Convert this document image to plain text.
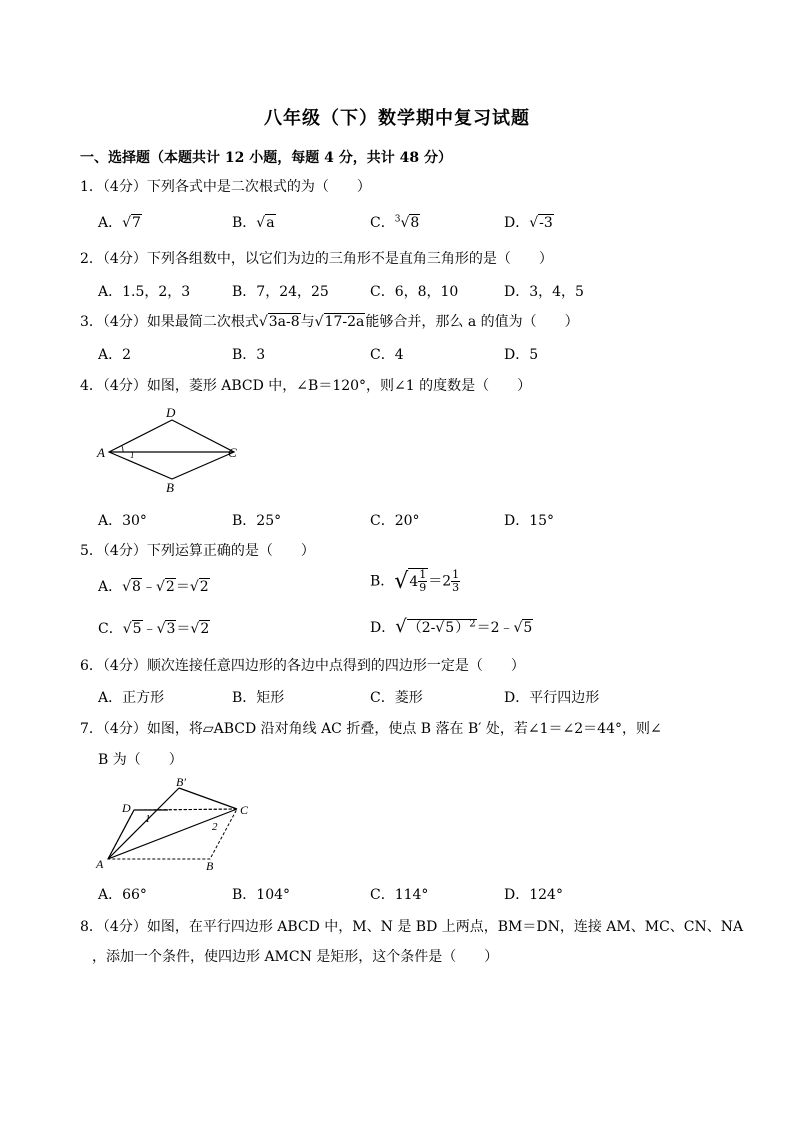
八年级（下）数学期中复习试题
一、选择题（本题共计 12 小题，每题 4 分，共计 48 分）
1．（4分）下列各式中是二次根式的为（　　）
A．√7	B．√a	C．$^3$√8	D．√-3
2．（4分）下列各组数中，以它们为边的三角形不是直角三角形的是（　　）
A．1.5，2，3	B．7，24，25	C．6，8，10	D．3，4，5
3．（4分）如果最简二次根式√3a-8与√17-2a能够合并，那么 a 的值为（　　）
A．2	B．3	C．4	D．5
4．（4分）如图，菱形 ABCD 中，∠B＝120°，则∠1 的度数是（　　）
A
D
C
B
1
A．30°	B．25°	C．20°	D．15°
5．（4分）下列运算正确的是（　　）
A．√8﹣√2＝√2	B．√ $4 \frac{1}{9} =2 \frac{1}{3}$
C．√5﹣√3＝√2	D．$√(2-√5)^2=2﹣√5$
6．（4分）顺次连接任意四边形的各边中点得到的四边形一定是（　　）
A．正方形	B．矩形	C．菱形	D．平行四边形
7．（4分）如图，将▱ABCD 沿对角线 AC 折叠，使点 B 落在 B′ 处，若∠1＝∠2＝44°，则∠
B 为（　　）
D
B′
C
A	B
1
2
A．66°	B．104°	C．114°	D．124°
8．（4分）如图，在平行四边形 ABCD 中，M、N 是 BD 上两点，BM＝DN，连接 AM、MC、CN、NA
，添加一个条件，使四边形 AMCN 是矩形，这个条件是（　　）
